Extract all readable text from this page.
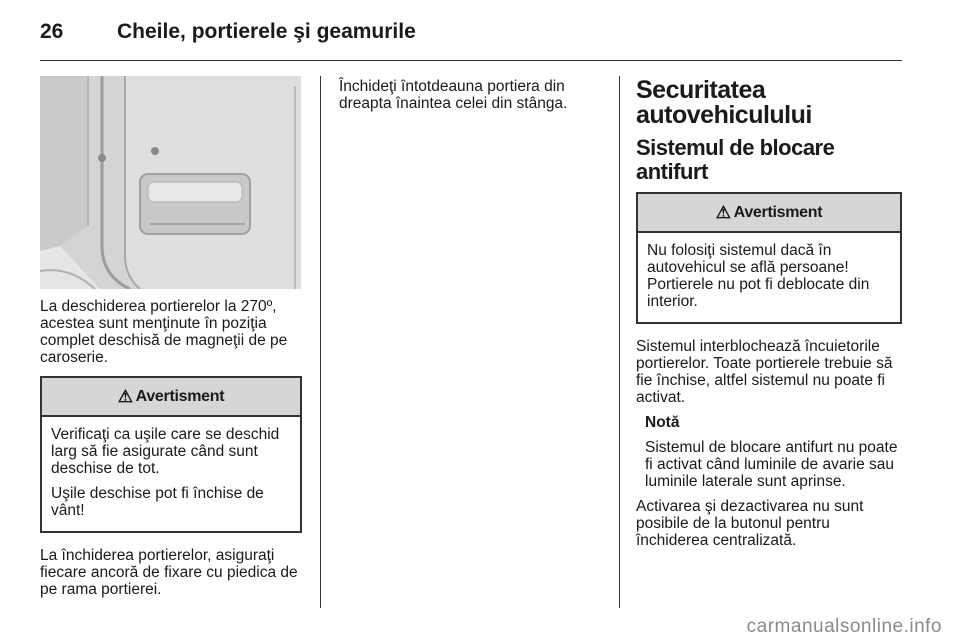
26	Cheile, portierele şi geamurile

La deschiderea portierelor la 270º, acestea sunt menţinute în poziţia complet deschisă de magneţii de pe caroserie.

⚠ Avertisment

Verificaţi ca uşile care se deschid larg să fie asigurate când sunt deschise de tot.

Uşile deschise pot fi închise de vânt!

La închiderea portierelor, asiguraţi fiecare ancoră de fixare cu piedica de pe rama portierei.

Închideţi întotdeauna portiera din dreapta înaintea celei din stânga.	Securitatea autovehiculului

Sistemul de blocare antifurt

⚠ Avertisment

Nu folosiţi sistemul dacă în autovehicul se află persoane! Portierele nu pot fi deblocate din interior.

Sistemul interblochează încuietorile portierelor. Toate portierele trebuie să fie închise, altfel sistemul nu poate fi activat.

Notă

Sistemul de blocare antifurt nu poate fi activat când luminile de avarie sau luminile laterale sunt aprinse.

Activarea şi dezactivarea nu sunt posibile de la butonul pentru închiderea centralizată.

carmanualsonline.info
